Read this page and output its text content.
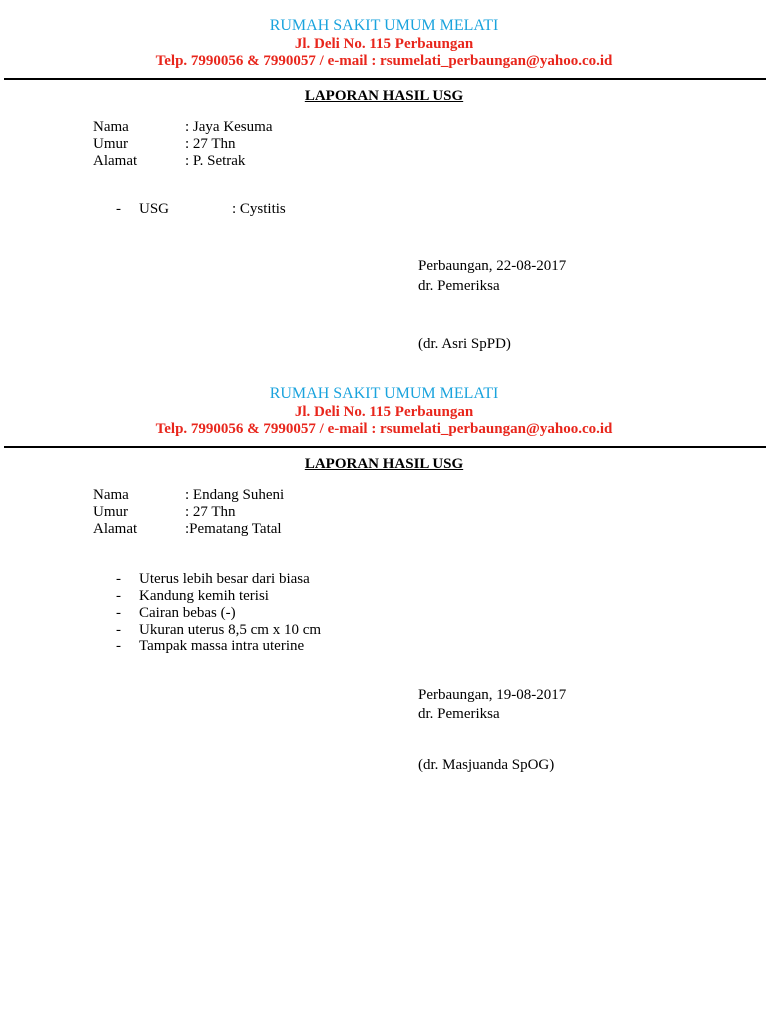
RUMAH SAKIT UMUM MELATI
Jl. Deli No. 115 Perbaungan
Telp. 7990056 & 7990057 / e-mail : rsumelati_perbaungan@yahoo.co.id
LAPORAN HASIL USG
Nama	: Jaya Kesuma
Umur	: 27 Thn
Alamat	: P. Setrak
- USG	: Cystitis
Perbaungan, 22-08-2017
dr. Pemeriksa
(dr. Asri SpPD)
RUMAH SAKIT UMUM MELATI
Jl. Deli No. 115 Perbaungan
Telp. 7990056 & 7990057 / e-mail : rsumelati_perbaungan@yahoo.co.id
LAPORAN HASIL USG
Nama	: Endang Suheni
Umur	: 27 Thn
Alamat	:Pematang Tatal
- Uterus lebih besar dari biasa
- Kandung kemih terisi
- Cairan bebas (-)
- Ukuran uterus 8,5 cm x 10 cm
- Tampak massa intra uterine
Perbaungan, 19-08-2017
dr. Pemeriksa
(dr. Masjuanda SpOG)
